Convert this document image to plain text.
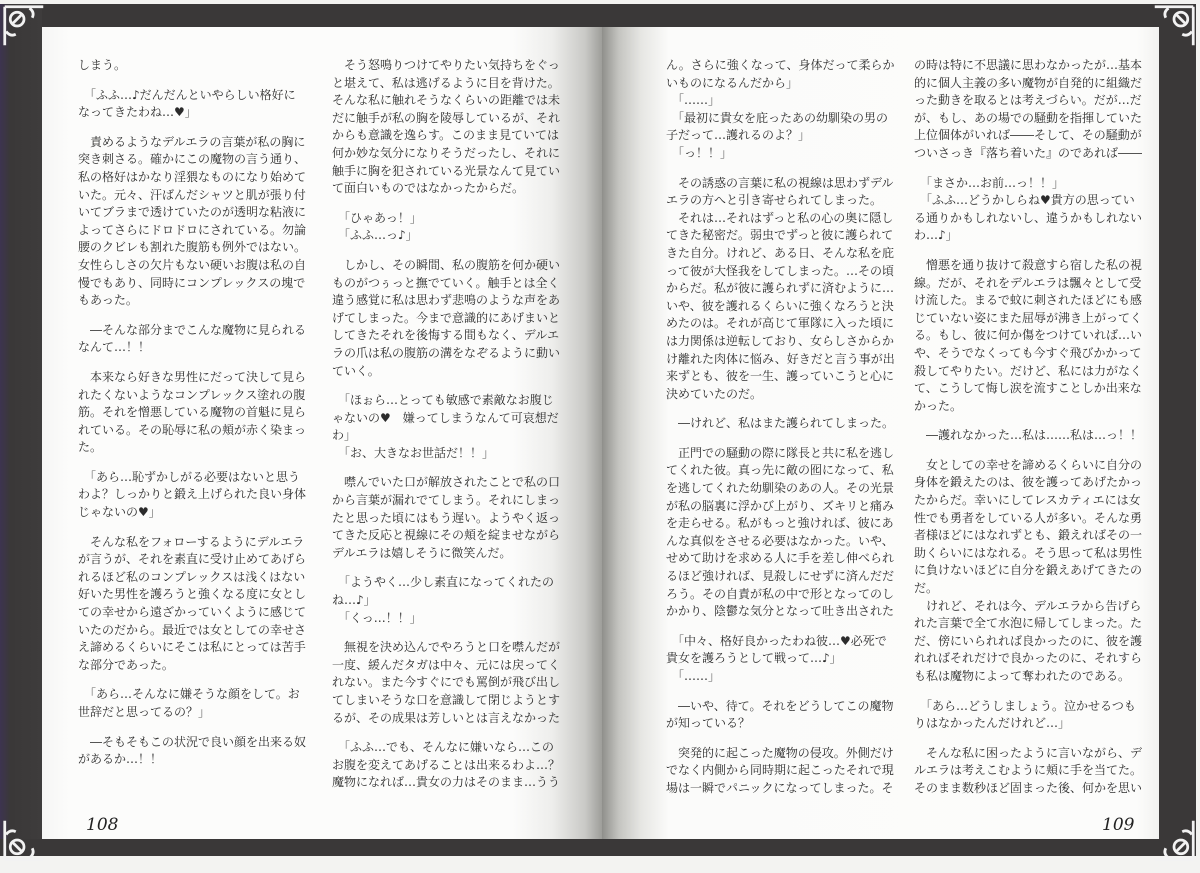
しまう。
　「ふふ…♪だんだんといやらしい格好に
なってきたわね…♥」
　責めるようなデルエラの言葉が私の胸に
突き刺さる。確かにこの魔物の言う通り、
私の格好はかなり淫猥なものになり始めて
いた。元々、汗ばんだシャツと肌が張り付
いてブラまで透けていたのが透明な粘液に
よってさらにドロドロにされている。勿論
腰のクビレも割れた腹筋も例外ではない。
女性らしさの欠片もない硬いお腹は私の自
慢でもあり、同時にコンプレックスの塊で
もあった。
　―そんな部分までこんな魔物に見られる
なんて…！！
　本来なら好きな男性にだって決して見ら
れたくないようなコンプレックス塗れの腹
筋。それを憎悪している魔物の首魁に見ら
れている。その恥辱に私の頬が赤く染まっ
た。
　「あら…恥ずかしがる必要はないと思う
わよ？しっかりと鍛え上げられた良い身体
じゃないの♥」
　そんな私をフォローするようにデルエラ
が言うが、それを素直に受け止めてあげら
れるほど私のコンプレックスは浅くはない
好いた男性を護ろうと強くなる度に女とし
ての幸せから遠ざかっていくように感じて
いたのだから。最近では女としての幸せさ
え諦めるくらいにそこは私にとっては苦手
な部分であった。
　「あら…そんなに嫌そうな顔をして。お
世辞だと思ってるの？」
　―そもそもこの状況で良い顔を出来る奴
があるか…！！
　そう怒鳴りつけてやりたい気持ちをぐっ
と堪えて、私は逃げるように目を背けた。
そんな私に触れそうなくらいの距離では未
だに触手が私の胸を陵辱しているが、それ
からも意識を逸らす。このまま見ていては
何か妙な気分になりそうだったし、それに
触手に胸を犯されている光景なんて見てい
て面白いものではなかったからだ。
　「ひゃあっ！」
　「ふふ…っ♪」
　しかし、その瞬間、私の腹筋を何か硬い
ものがつぅっと撫でていく。触手とは全く
違う感覚に私は思わず悲鳴のような声をあ
げてしまった。今まで意識的にあげまいと
してきたそれを後悔する間もなく、デルエ
ラの爪は私の腹筋の溝をなぞるように動い
ていく。
　「ほぉら…とっても敏感で素敵なお腹じ
ゃないの♥　嫌ってしまうなんて可哀想だ
わ」
　「お、大きなお世話だ！！」
　噤んでいた口が解放されたことで私の口
から言葉が漏れでてしまう。それにしまっ
たと思った頃にはもう遅い。ようやく返っ
てきた反応と視線にその頬を綻ませながら
デルエラは嬉しそうに微笑んだ。
　「ようやく…少し素直になってくれたの
ね…♪」
　「くっ…！！」
　無視を決め込んでやろうと口を噤んだが
一度、緩んだタガは中々、元には戻ってく
れない。また今すぐにでも罵倒が飛び出し
てしまいそうな口を意識して閉じようとす
るが、その成果は芳しいとは言えなかった
　「ふふ…でも、そんなに嫌いなら…この
お腹を変えてあげることは出来るわよ…？
魔物になれば…貴女の力はそのまま…うう
108
ん。さらに強くなって、身体だって柔らか
いものになるんだから」
　「……」
　「最初に貴女を庇ったあの幼馴染の男の
子だって…護れるのよ？」
　「っ！！」
　その誘惑の言葉に私の視線は思わずデル
エラの方へと引き寄せられてしまった。
　それは…それはずっと私の心の奥に隠し
てきた秘密だ。弱虫でずっと彼に護られて
きた自分。けれど、ある日、そんな私を庇
って彼が大怪我をしてしまった。…その頃
からだ。私が彼に護られずに済むように…
いや、彼を護れるくらいに強くなろうと決
めたのは。それが高じて軍隊に入った頃に
は力関係は逆転しており、女らしさからか
け離れた肉体に悩み、好きだと言う事が出
来ずとも、彼を一生、護っていこうと心に
決めていたのだ。
　―けれど、私はまた護られてしまった。
　正門での騒動の際に隊長と共に私を逃し
てくれた彼。真っ先に敵の囮になって、私
を逃してくれた幼馴染のあの人。その光景
が私の脳裏に浮かび上がり、ズキリと痛み
を走らせる。私がもっと強ければ、彼にあ
んな真似をさせる必要はなかった。いや、
せめて助けを求める人に手を差し伸べられ
るほど強ければ、見殺しにせずに済んだだ
ろう。その自責が私の中で形となってのし
かかり、陰鬱な気分となって吐き出された
　「中々、格好良かったわね彼…♥必死で
貴女を護ろうとして戦って…♪」
　「……」
　―いや、待て。それをどうしてこの魔物
が知っている？
　突発的に起こった魔物の侵攻。外側だけ
でなく内側から同時期に起こったそれで現
場は一瞬でパニックになってしまった。そ
の時は特に不思議に思わなかったが…基本
的に個人主義の多い魔物が自発的に組織だ
った動きを取るとは考えづらい。だが…だ
が、もし、あの場での騒動を指揮していた
上位個体がいれば――そして、その騒動が
ついさっき『落ち着いた』のであれば――
　「まさか…お前…っ！！」
　「ふふ…どうかしらね♥貴方の思ってい
る通りかもしれないし、違うかもしれない
わ…♪」
　憎悪を通り抜けて殺意すら宿した私の視
線。だが、それをデルエラは飄々として受
け流した。まるで蚊に刺されたほどにも感
じていない姿にまた屈辱が沸き上がってく
る。もし、彼に何か傷をつけていれば…い
や、そうでなくっても今すぐ飛びかかって
殺してやりたい。だけど、私には力がなく
て、こうして悔し涙を流すことしか出来な
かった。
　―護れなかった…私は……私は…っ！！
　女としての幸せを諦めるくらいに自分の
身体を鍛えたのは、彼を護ってあげたかっ
たからだ。幸いにしてレスカティエには女
性でも勇者をしている人が多い。そんな勇
者様ほどにはなれずとも、鍛えればその一
助くらいにはなれる。そう思って私は男性
に負けないほどに自分を鍛えあげてきたの
だ。
　けれど、それは今、デルエラから告げら
れた言葉で全て水泡に帰してしまった。た
だ、傍にいられれば良かったのに、彼を護
れればそれだけで良かったのに、それすら
も私は魔物によって奪われたのである。
　「あら…どうしましょう。泣かせるつも
りはなかったんだけれど…」
　そんな私に困ったように言いながら、デ
ルエラは考えこむように頬に手を当てた。
そのまま数秒ほど固まった後、何かを思い
109
